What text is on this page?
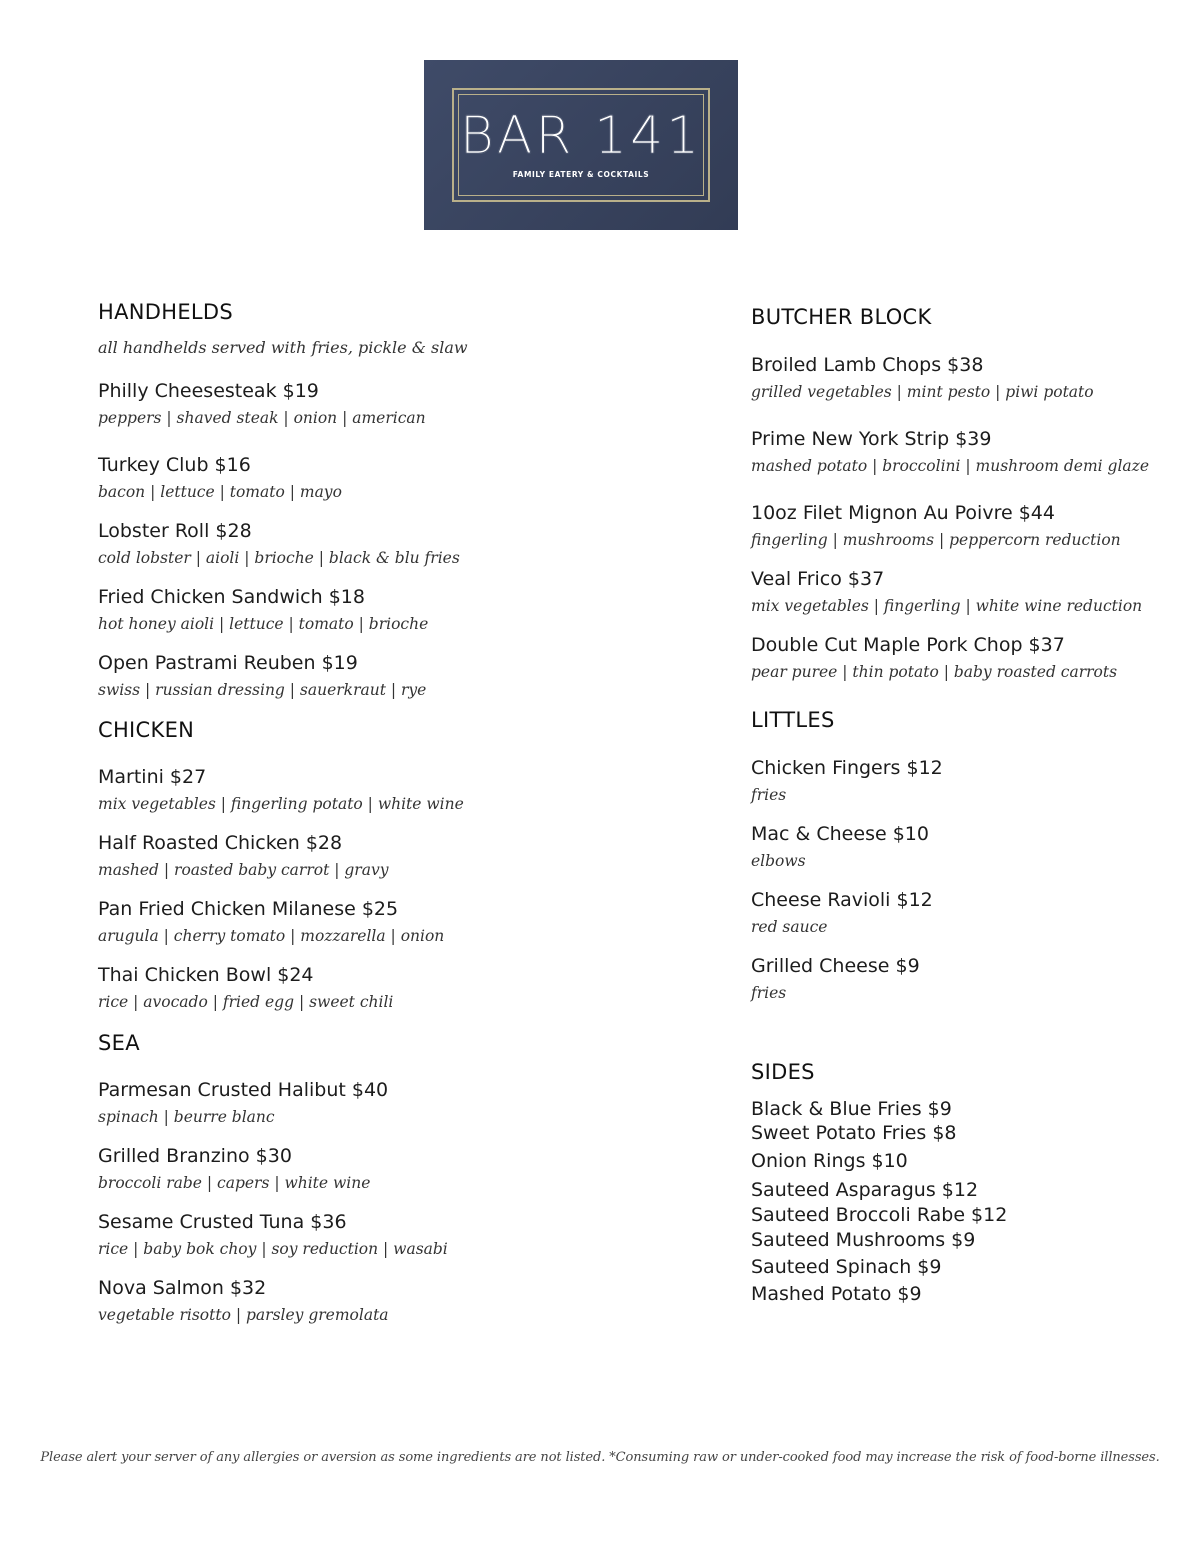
BAR 141
FAMILY EATERY & COCKTAILS
HANDHELDS
all handhelds served with fries, pickle & slaw
Philly Cheesesteak $19
peppers | shaved steak | onion | american
Turkey Club $16
bacon | lettuce | tomato | mayo
Lobster Roll $28
cold lobster | aioli | brioche | black & blu fries
Fried Chicken Sandwich $18
hot honey aioli | lettuce | tomato | brioche
Open Pastrami Reuben $19
swiss | russian dressing | sauerkraut | rye
CHICKEN
Martini $27
mix vegetables | fingerling potato | white wine
Half Roasted Chicken $28
mashed | roasted baby carrot | gravy
Pan Fried Chicken Milanese $25
arugula | cherry tomato | mozzarella | onion
Thai Chicken Bowl $24
rice | avocado | fried egg | sweet chili
SEA
Parmesan Crusted Halibut $40
spinach | beurre blanc
Grilled Branzino $30
broccoli rabe | capers | white wine
Sesame Crusted Tuna $36
rice | baby bok choy | soy reduction | wasabi
Nova Salmon $32
vegetable risotto | parsley gremolata
BUTCHER BLOCK
Broiled Lamb Chops $38
grilled vegetables | mint pesto | piwi potato
Prime New York Strip $39
mashed potato | broccolini | mushroom demi glaze
10oz Filet Mignon Au Poivre $44
fingerling | mushrooms | peppercorn reduction
Veal Frico $37
mix vegetables | fingerling | white wine reduction
Double Cut Maple Pork Chop $37
pear puree | thin potato | baby roasted carrots
LITTLES
Chicken Fingers $12
fries
Mac & Cheese $10
elbows
Cheese Ravioli $12
red sauce
Grilled Cheese $9
fries
SIDES
Black & Blue Fries $9
Sweet Potato Fries $8
Onion Rings $10
Sauteed Asparagus $12
Sauteed Broccoli Rabe $12
Sauteed Mushrooms $9
Sauteed Spinach $9
Mashed Potato $9
Please alert your server of any allergies or aversion as some ingredients are not listed. *Consuming raw or under-cooked food may increase the risk of food-borne illnesses.
